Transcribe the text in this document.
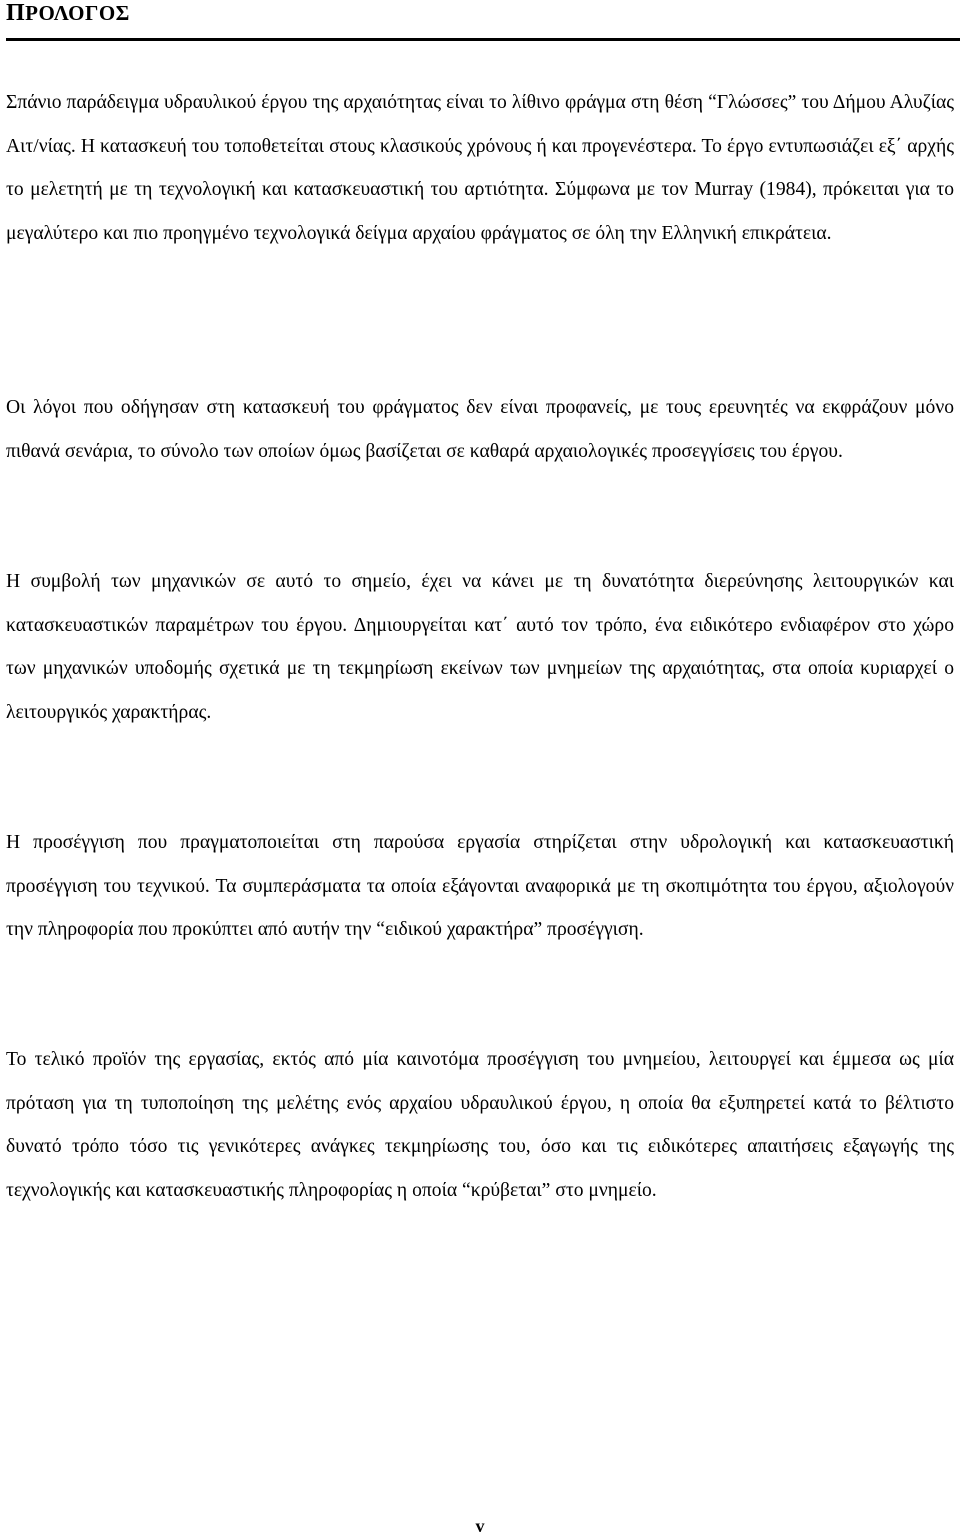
ΠΡΟΛΟΓΟΣ

Σπάνιο παράδειγμα υδραυλικού έργου της αρχαιότητας είναι το λίθινο φράγμα στη θέση “Γλώσσες” του Δήμου Αλυζίας Αιτ/νίας. Η κατασκευή του τοποθετείται στους κλασικούς χρόνους ή και προγενέστερα. Το έργο εντυπωσιάζει εξ΄ αρχής το μελετητή με τη τεχνολογική και κατασκευαστική του αρτιότητα. Σύμφωνα με τον Murray (1984), πρόκειται για το μεγαλύτερο και πιο προηγμένο τεχνολογικά δείγμα αρχαίου φράγματος σε όλη την Ελληνική επικράτεια.

Οι λόγοι που οδήγησαν στη κατασκευή του φράγματος δεν είναι προφανείς, με τους ερευνητές να εκφράζουν μόνο πιθανά σενάρια, το σύνολο των οποίων όμως βασίζεται σε καθαρά αρχαιολογικές προσεγγίσεις του έργου.

Η συμβολή των μηχανικών σε αυτό το σημείο, έχει να κάνει με τη δυνατότητα διερεύνησης λειτουργικών και κατασκευαστικών παραμέτρων του έργου. Δημιουργείται κατ΄ αυτό τον τρόπο, ένα ειδικότερο ενδιαφέρον στο χώρο των μηχανικών υποδομής σχετικά με τη τεκμηρίωση εκείνων των μνημείων της αρχαιότητας, στα οποία κυριαρχεί ο λειτουργικός χαρακτήρας.

Η προσέγγιση που πραγματοποιείται στη παρούσα εργασία στηρίζεται στην υδρολογική και κατασκευαστική προσέγγιση του τεχνικού. Τα συμπεράσματα τα οποία εξάγονται αναφορικά με τη σκοπιμότητα του έργου, αξιολογούν την πληροφορία που προκύπτει από αυτήν την “ειδικού χαρακτήρα” προσέγγιση.

Το τελικό προϊόν της εργασίας, εκτός από μία καινοτόμα προσέγγιση του μνημείου, λειτουργεί και έμμεσα ως μία πρόταση για τη τυποποίηση της μελέτης ενός αρχαίου υδραυλικού έργου, η οποία θα εξυπηρετεί κατά το βέλτιστο δυνατό τρόπο τόσο τις γενικότερες ανάγκες τεκμηρίωσης του, όσο και τις ειδικότερες απαιτήσεις εξαγωγής της τεχνολογικής και κατασκευαστικής πληροφορίας η οποία “κρύβεται” στο μνημείο.

v
